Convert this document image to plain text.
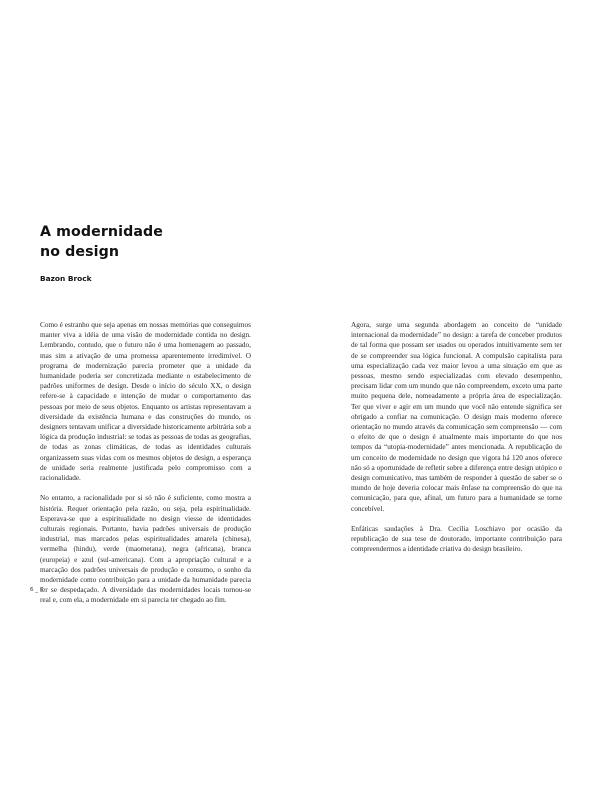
A modernidade
no design
Bazon Brock

Como é estranho que seja apenas em nossas memórias que conseguimos manter viva a idéia de uma visão de modernidade contida no design. Lembrando, contudo, que o futuro não é uma homenagem ao passado, mas sim a ativação de uma promessa aparentemente irredimível. O programa de modernização parecia prometer que a unidade da humanidade poderia ser concretizada mediante o estabelecimento de padrões uniformes de design. Desde o início do século XX, o design refere-se à capacidade e intenção de mudar o comportamento das pessoas por meio de seus objetos. Enquanto os artistas representavam a diversidade da existência humana e das construções do mundo, os designers tentavam unificar a diversidade historicamente arbitrária sob a lógica da produção industrial: se todas as pessoas de todas as geografias, de todas as zonas climáticas, de todas as identidades culturais organizassem suas vidas com os mesmos objetos de design, a esperança de unidade seria realmente justificada pelo compromisso com a racionalidade.

No entanto, a racionalidade por si só não é suficiente, como mostra a história. Requer orientação pela razão, ou seja, pela espiritualidade. Esperava-se que a espiritualidade no design viesse de identidades culturais regionais. Portanto, havia padrões universais de produção industrial, mas marcados pelas espiritualidades amarela (chinesa), vermelha (hindu), verde (maometana), negra (africana), branca (europeia) e azul (sul-americana). Com a apropriação cultural e a marcação dos padrões universais de produção e consumo, o sonho da modernidade como contribuição para a unidade da humanidade parecia ter se despedaçado. A diversidade das modernidades locais tornou-se real e, com ela, a modernidade em si parecia ter chegado ao fim.

Agora, surge uma segunda abordagem ao conceito de “unidade internacional da modernidade” no design: a tarefa de conceber produtos de tal forma que possam ser usados ou operados intuitivamente sem ter de se compreender sua lógica funcional. A compulsão capitalista para uma especialização cada vez maior levou a uma situação em que as pessoas, mesmo sendo especializadas com elevado desempenho, precisam lidar com um mundo que não compreendem, exceto uma parte muito pequena dele, nomeadamente a própria área de especialização. Ter que viver e agir em um mundo que você não entende significa ser obrigado a confiar na comunicação. O design mais moderno oferece orientação no mundo através da comunicação sem compreensão — com o efeito de que o design é atualmente mais importante do que nos tempos da “utopia-modernidade” antes mencionada. A republicação de um conceito de modernidade no design que vigora há 120 anos oferece não só a oportunidade de refletir sobre a diferença entre design utópico e design comunicativo, mas também de responder à questão de saber se o mundo de hoje deveria colocar mais ênfase na compreensão do que na comunicação, para que, afinal, um futuro para a humanidade se torne concebível.

Enfáticas saudações à Dra. Cecília Loschiavo por ocasião da republicação de sua tese de doutorado, importante contribuição para compreendermos a identidade criativa do design brasileiro.

6 _ 7
